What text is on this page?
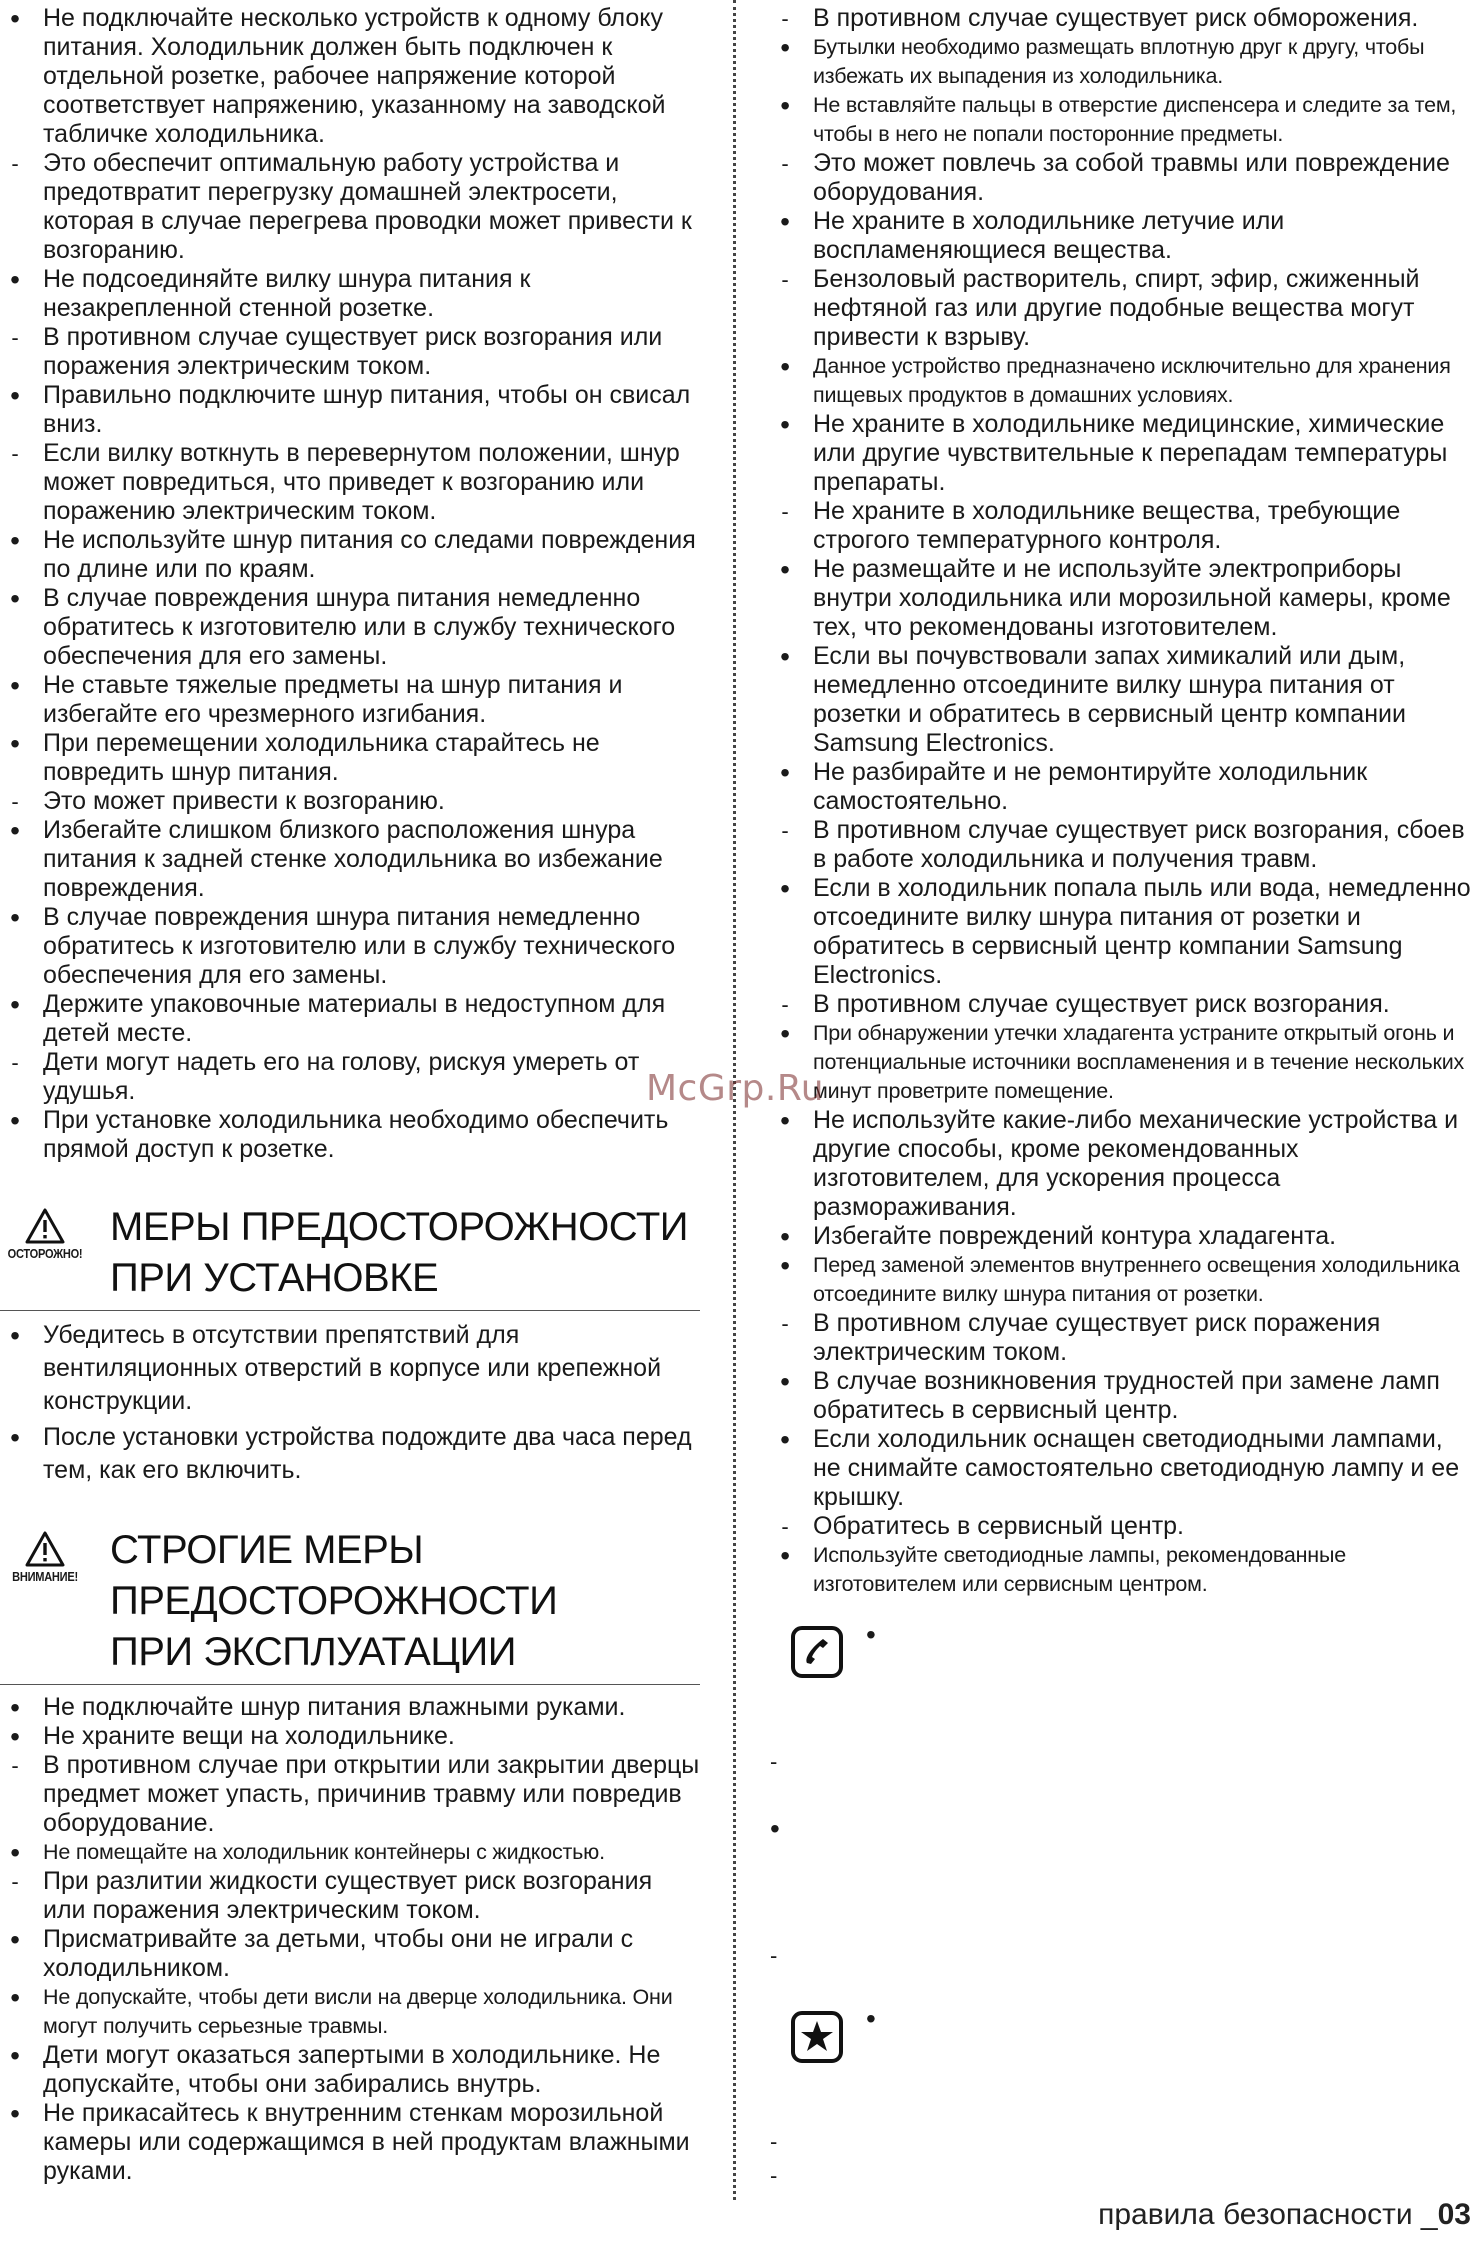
•
Не подключайте несколько устройств к одному блоку питания. Холодильник должен быть подключен к отдельной розетке, рабочее напряжение которой соответствует напряжению, указанному на заводской табличке холодильника.
-
Это обеспечит оптимальную работу устройства и предотвратит перегрузку домашней электросети, которая в случае перегрева проводки может привести к возгоранию.
•
Не подсоединяйте вилку шнура питания к незакрепленной стенной розетке.
-
В противном случае существует риск возгорания или поражения электрическим током.
•
Правильно подключите шнур питания, чтобы он свисал вниз.
-
Если вилку воткнуть в перевернутом положении, шнур может повредиться, что приведет к возгоранию или поражению электрическим током.
•
Не используйте шнур питания со следами повреждения по длине или по краям.
•
В случае повреждения шнура питания немедленно обратитесь к изготовителю или в службу технического обеспечения для его замены.
•
Не ставьте тяжелые предметы на шнур питания и избегайте его чрезмерного изгибания.
•
При перемещении холодильника старайтесь не повредить шнур питания.
-
Это может привести к возгоранию.
•
Избегайте слишком близкого расположения шнура питания к задней стенке холодильника во избежание повреждения.
•
В случае повреждения шнура питания немедленно обратитесь к изготовителю или в службу технического обеспечения для его замены.
•
Держите упаковочные материалы в недоступном для детей месте.
-
Дети могут надеть его на голову, рискуя умереть от удушья.
•
При установке холодильника необходимо обеспечить прямой доступ к розетке.
ОСТОРОЖНО!
МЕРЫ ПРЕДОСТОРОЖНОСТИ
ПРИ УСТАНОВКЕ
•
Убедитесь в отсутствии препятствий для вентиляционных отверстий в корпусе или крепежной конструкции.
•
После установки устройства подождите два часа перед тем, как его включить.
ВНИМАНИЕ!
СТРОГИЕ МЕРЫ
ПРЕДОСТОРОЖНОСТИ
ПРИ ЭКСПЛУАТАЦИИ
•
Не подключайте шнур питания влажными руками.
•
Не храните вещи на холодильнике.
-
В противном случае при открытии или закрытии дверцы предмет может упасть, причинив травму или повредив оборудование.
•
Не помещайте на холодильник контейнеры с жидкостью.
-
При разлитии жидкости существует риск возгорания или поражения электрическим током.
•
Присматривайте за детьми, чтобы они не играли с холодильником.
•
Не допускайте, чтобы дети висли на дверце холодильника. Они могут получить серьезные травмы.
•
Дети могут оказаться запертыми в холодильнике. Не допускайте, чтобы они забирались внутрь.
•
Не прикасайтесь к внутренним стенкам морозильной камеры или содержащимся в ней продуктам влажными руками.
-
В противном случае существует риск обморожения.
•
Бутылки необходимо размещать вплотную друг к другу, чтобы избежать их выпадения из холодильника.
•
Не вставляйте пальцы в отверстие диспенсера и следите за тем, чтобы в него не попали посторонние предметы.
-
Это может повлечь за собой травмы или повреждение оборудования.
•
Не храните в холодильнике летучие или воспламеняющиеся вещества.
-
Бензоловый растворитель, спирт, эфир, сжиженный нефтяной газ или другие подобные вещества могут привести к взрыву.
•
Данное устройство предназначено исключительно для хранения пищевых продуктов в домашних условиях.
•
Не храните в холодильнике медицинские, химические или другие чувствительные к перепадам температуры препараты.
-
Не храните в холодильнике вещества, требующие строгого температурного контроля.
•
Не размещайте и не используйте электроприборы внутри холодильника или морозильной камеры, кроме тех, что рекомендованы изготовителем.
•
Если вы почувствовали запах химикалий или дым, немедленно отсоедините вилку шнура питания от розетки и обратитесь в сервисный центр компании Samsung Electronics.
•
Не разбирайте и не ремонтируйте холодильник самостоятельно.
-
В противном случае существует риск возгорания, сбоев в работе холодильника и получения травм.
•
Если в холодильник попала пыль или вода, немедленно отсоедините вилку шнура питания от розетки и обратитесь в сервисный центр компании Samsung Electronics.
-
В противном случае существует риск возгорания.
•
При обнаружении утечки хладагента устраните открытый огонь и потенциальные источники воспламенения и в течение нескольких минут проветрите помещение.
•
Не используйте какие-либо механические устройства и другие способы, кроме рекомендованных изготовителем, для ускорения процесса размораживания.
•
Избегайте повреждений контура хладагента.
•
Перед заменой элементов внутреннего освещения холодильника отсоедините вилку шнура питания от розетки.
-
В противном случае существует риск поражения электрическим током.
•
В случае возникновения трудностей при замене ламп обратитесь в сервисный центр.
•
Если холодильник оснащен светодиодными лампами, не снимайте самостоятельно светодиодную лампу и ее крышку.
-
Обратитесь в сервисный центр.
•
Используйте светодиодные лампы, рекомендованные изготовителем или сервисным центром.
•
-
•
-
•
-
-
McGrp.Ru
правила безопасности _03
